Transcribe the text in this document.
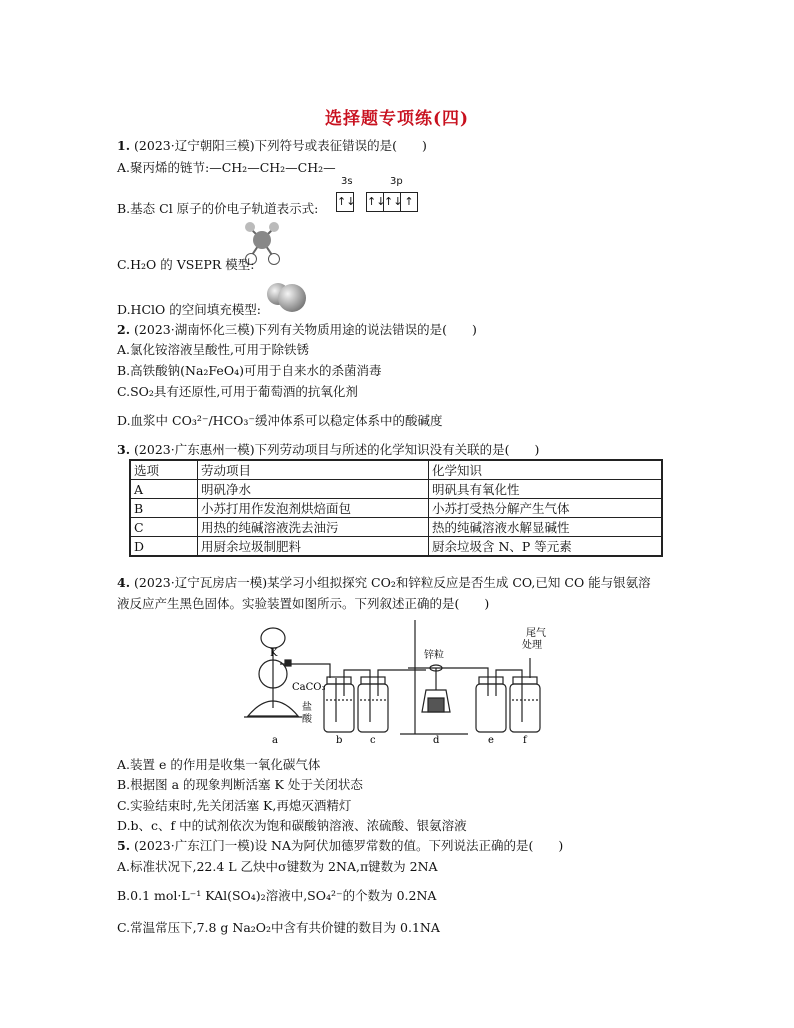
选择题专项练(四)
1. (2023·辽宁朝阳三模)下列符号或表征错误的是(　　)
A.聚丙烯的链节:—CH₂—CH₂—CH₂—
B.基态 Cl 原子的价电子轨道表示式:
3s	3p
↑↓ ↑↓
↑↓ ↑
C.H₂O 的 VSEPR 模型:
D.HClO 的空间填充模型:
2. (2023·湖南怀化三模)下列有关物质用途的说法错误的是(　　)
A.氯化铵溶液呈酸性,可用于除铁锈
B.高铁酸钠(Na₂FeO₄)可用于自来水的杀菌消毒
C.SO₂具有还原性,可用于葡萄酒的抗氧化剂
D.血浆中 CO₃²⁻/HCO₃⁻缓冲体系可以稳定体系中的酸碱度
3. (2023·广东惠州一模)下列劳动项目与所述的化学知识没有关联的是(　　)
选项	劳动项目	化学知识
A	明矾净水	明矾具有氧化性
B	小苏打用作发泡剂烘焙面包	小苏打受热分解产生气体
C	用热的纯碱溶液洗去油污	热的纯碱溶液水解显碱性
D	用厨余垃圾制肥料	厨余垃圾含 N、P 等元素
4. (2023·辽宁瓦房店一模)某学习小组拟探究 CO₂和锌粒反应是否生成 CO,已知 CO 能与银氨溶
液反应产生黑色固体。实验装置如图所示。下列叙述正确的是(　　)
a	b	c	d	e	f
K
CaCO₃
盐
酸
锌粒
尾气
处理
A.装置 e 的作用是收集一氧化碳气体
B.根据图 a 的现象判断活塞 K 处于关闭状态
C.实验结束时,先关闭活塞 K,再熄灭酒精灯
D.b、c、f 中的试剂依次为饱和碳酸钠溶液、浓硫酸、银氨溶液
5. (2023·广东江门一模)设 NA为阿伏加德罗常数的值。下列说法正确的是(　　)
A.标准状况下,22.4 L 乙炔中σ键数为 2NA,π键数为 2NA
B.0.1 mol·L⁻¹ KAl(SO₄)₂溶液中,SO₄²⁻的个数为 0.2NA
C.常温常压下,7.8 g Na₂O₂中含有共价键的数目为 0.1NA
